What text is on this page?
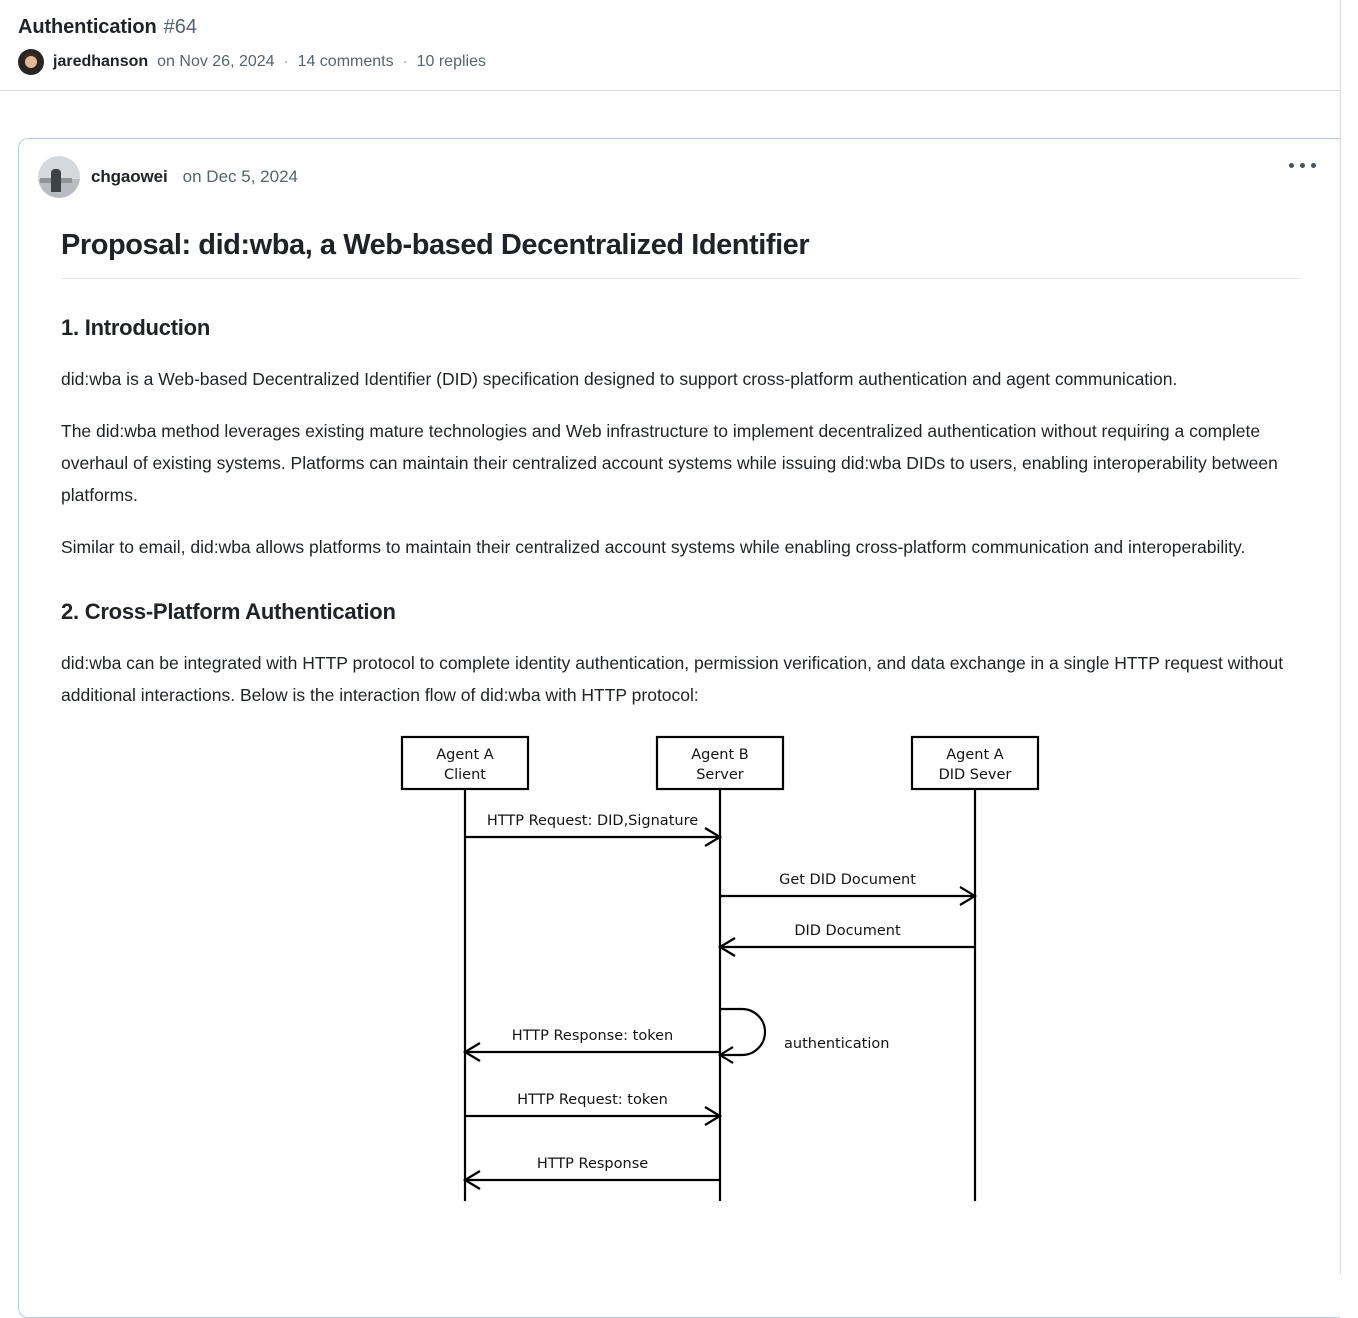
Authentication #64
jaredhanson on Nov 26, 2024 · 14 comments · 10 replies
chgaowei on Dec 5, 2024
Proposal: did:wba, a Web-based Decentralized Identifier
1. Introduction

did:wba is a Web-based Decentralized Identifier (DID) specification designed to support cross-platform authentication and agent communication.

The did:wba method leverages existing mature technologies and Web infrastructure to implement decentralized authentication without requiring a complete overhaul of existing systems. Platforms can maintain their centralized account systems while issuing did:wba DIDs to users, enabling interoperability between platforms.

Similar to email, did:wba allows platforms to maintain their centralized account systems while enabling cross-platform communication and interoperability.

2. Cross-Platform Authentication

did:wba can be integrated with HTTP protocol to complete identity authentication, permission verification, and data exchange in a single HTTP request without additional interactions. Below is the interaction flow of did:wba with HTTP protocol:

Agent A
Client
Agent B
Server
Agent A
DID Sever
HTTP Request: DID,Signature
Get DID Document
DID Document
authentication
HTTP Response: token
HTTP Request: token
HTTP Response
